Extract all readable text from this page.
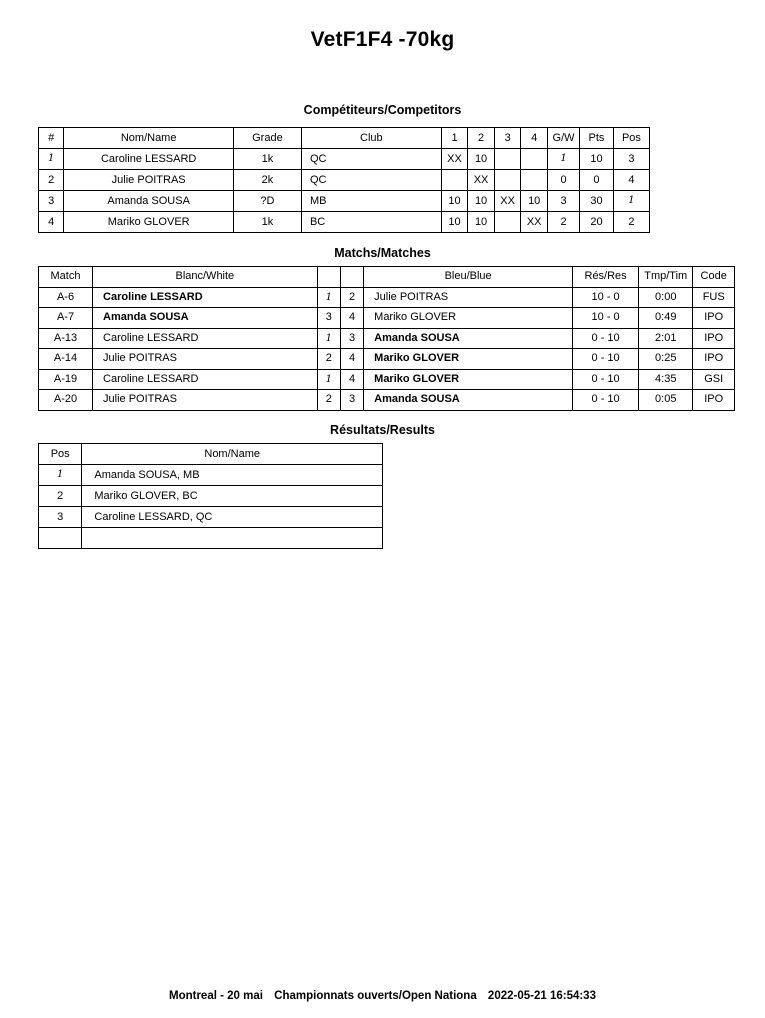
VetF1F4 -70kg
Compétiteurs/Competitors
#	Nom/Name	Grade	Club	1	2	3	4	G/W	Pts	Pos
1	Caroline LESSARD	1k	QC	XX	10			1	10	3
2	Julie POITRAS	2k	QC		XX			0	0	4
3	Amanda SOUSA	?D	MB	10	10	XX	10	3	30	1
4	Mariko GLOVER	1k	BC	10	10		XX	2	20	2
Matchs/Matches
Match	Blanc/White			Bleu/Blue	Rés/Res	Tmp/Tim	Code
A-6	Caroline LESSARD	1	2	Julie POITRAS	10 - 0	0:00	FUS
A-7	Amanda SOUSA	3	4	Mariko GLOVER	10 - 0	0:49	IPO
A-13	Caroline LESSARD	1	3	Amanda SOUSA	0 - 10	2:01	IPO
A-14	Julie POITRAS	2	4	Mariko GLOVER	0 - 10	0:25	IPO
A-19	Caroline LESSARD	1	4	Mariko GLOVER	0 - 10	4:35	GSI
A-20	Julie POITRAS	2	3	Amanda SOUSA	0 - 10	0:05	IPO
Résultats/Results
Pos	Nom/Name
1	Amanda SOUSA, MB
2	Mariko GLOVER, BC
3	Caroline LESSARD, QC

Montreal - 20 mai Championnats ouverts/Open Nationa 2022-05-21 16:54:33
